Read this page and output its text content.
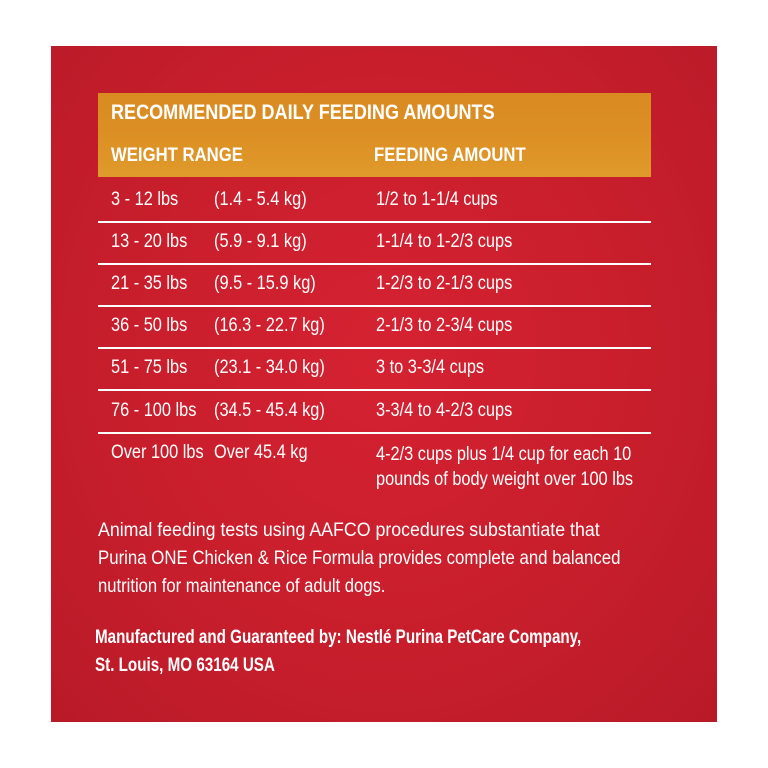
RECOMMENDED DAILY FEEDING AMOUNTS
WEIGHT RANGE	FEEDING AMOUNT
3 - 12 lbs (1.4 - 5.4 kg)	1/2 to 1-1/4 cups
13 - 20 lbs (5.9 - 9.1 kg)	1-1/4 to 1-2/3 cups
21 - 35 lbs (9.5 - 15.9 kg)	1-2/3 to 2-1/3 cups
36 - 50 lbs (16.3 - 22.7 kg)	2-1/3 to 2-3/4 cups
51 - 75 lbs (23.1 - 34.0 kg)	3 to 3-3/4 cups
76 - 100 lbs (34.5 - 45.4 kg)	3-3/4 to 4-2/3 cups
Over 100 lbs Over 45.4 kg	4-2/3 cups plus 1/4 cup for each 10
pounds of body weight over 100 lbs
Animal feeding tests using AAFCO procedures substantiate that
Purina ONE Chicken & Rice Formula provides complete and balanced
nutrition for maintenance of adult dogs.
Manufactured and Guaranteed by: Nestlé Purina PetCare Company,
St. Louis, MO 63164 USA
